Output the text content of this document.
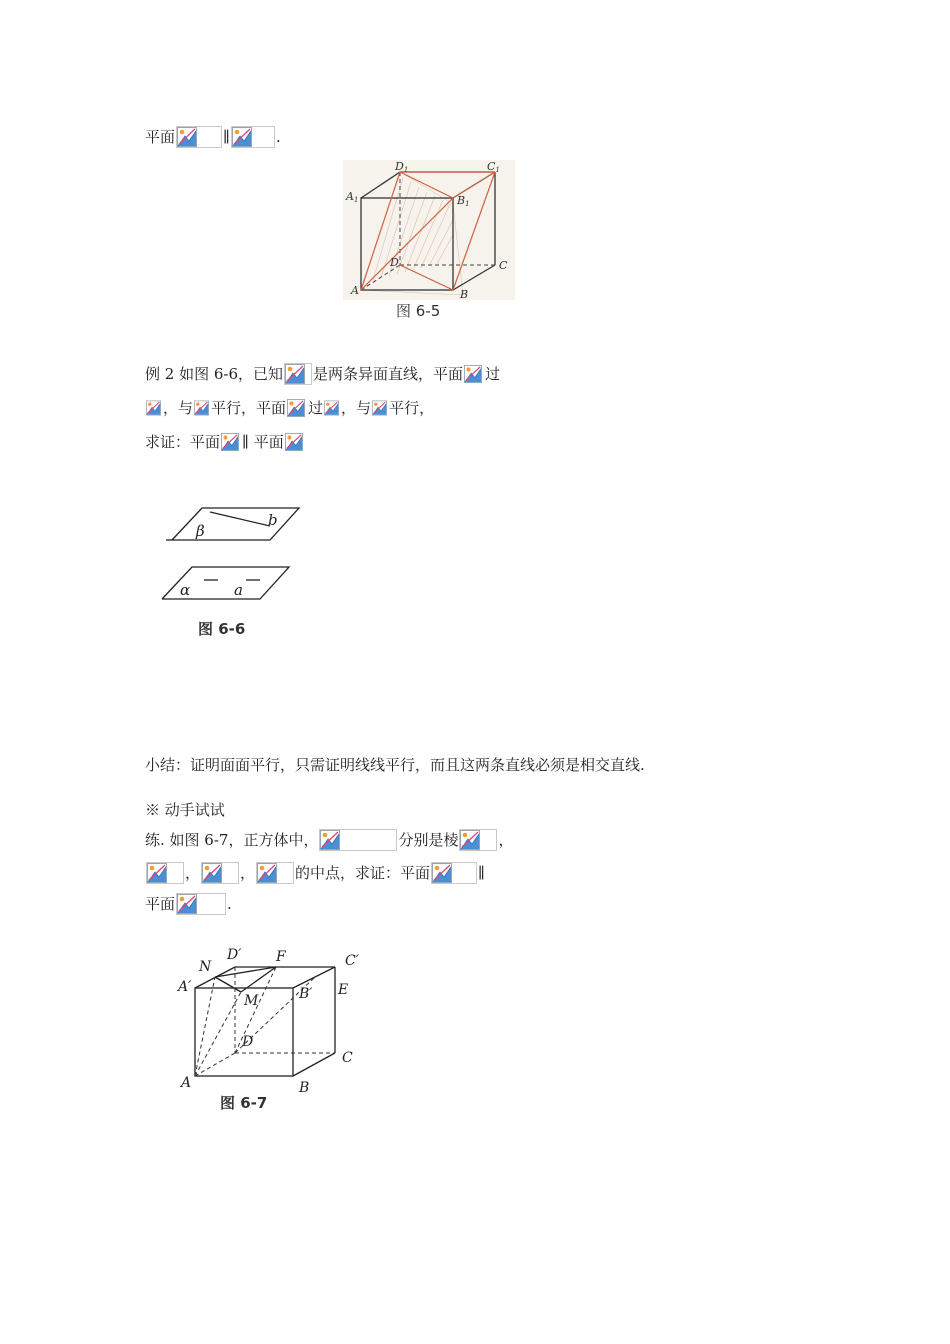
平面	∥	.
D1	C1
A1	B1
D	C
A	B
图 6-5
例 2 如图 6-6，已知 是两条异面直线，平面 过
，与 平行，平面 过 ，与 平行，
求证：平面 ∥ 平面
β
b
α	a
图 6-6
小结：证明面面平行，只需证明线线平行，而且这两条直线必须是相交直线.
※ 动手试试
练. 如图 6-7，正方体中，	分别是棱	，
，	，	的中点，求证：平面	∥
平面	.
N
D′ F	C′
A′
M	B′ E
D
C
A	B
图 6-7
